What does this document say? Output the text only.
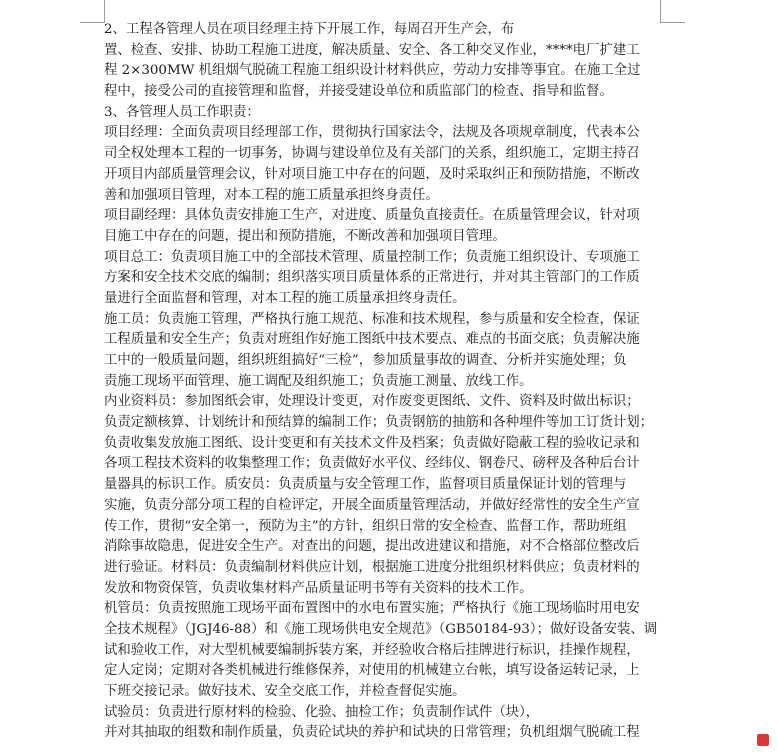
2、工程各管理人员在项目经理主持下开展工作，每周召开生产会，布
置、检查、安排、协助工程施工进度，解决质量、安全、各工种交叉作业，****电厂扩建工
程 2×300MW 机组烟气脱硫工程施工组织设计材料供应，劳动力安排等事宜。在施工全过
程中，接受公司的直接管理和监督，并接受建设单位和质监部门的检查、指导和监督。
3、各管理人员工作职责：
项目经理：全面负责项目经理部工作，贯彻执行国家法令，法规及各项规章制度，代表本公
司全权处理本工程的一切事务，协调与建设单位及有关部门的关系，组织施工，定期主持召
开项目内部质量管理会议，针对项目施工中存在的问题，及时采取纠正和预防措施，不断改
善和加强项目管理，对本工程的施工质量承担终身责任。
项目副经理：具体负责安排施工生产，对进度、质量负直接责任。在质量管理会议，针对项
目施工中存在的问题，提出和预防措施，不断改善和加强项目管理。
项目总工：负责项目施工中的全部技术管理、质量控制工作；负责施工组织设计、专项施工
方案和安全技术交底的编制；组织落实项目质量体系的正常进行，并对其主管部门的工作质
量进行全面监督和管理，对本工程的施工质量承担终身责任。
施工员：负责施工管理，严格执行施工规范、标准和技术规程，参与质量和安全检查，保证
工程质量和安全生产；负责对班组作好施工图纸中技术要点、难点的书面交底；负责解决施
工中的一般质量问题，组织班组搞好“三检”，参加质量事故的调查、分析并实施处理；负
责施工现场平面管理、施工调配及组织施工；负责施工测量、放线工作。
内业资料员：参加图纸会审，处理设计变更，对作废变更图纸、文件、资料及时做出标识；
负责定额核算、计划统计和预结算的编制工作；负责钢筋的抽筋和各种埋件等加工订货计划；
负责收集发放施工图纸、设计变更和有关技术文件及档案；负责做好隐蔽工程的验收记录和
各项工程技术资料的收集整理工作；负责做好水平仪、经纬仪、钢卷尺、磅秤及各种后台计
量器具的标识工作。质安员：负责质量与安全管理工作，监督项目质量保证计划的管理与
实施，负责分部分项工程的自检评定，开展全面质量管理活动，并做好经常性的安全生产宣
传工作，贯彻“安全第一，预防为主”的方针，组织日常的安全检查、监督工作，帮助班组
消除事故隐患，促进安全生产。对查出的问题，提出改进建议和措施，对不合格部位整改后
进行验证。材料员：负责编制材料供应计划，根据施工进度分批组织材料供应；负责材料的
发放和物资保管，负责收集材料产品质量证明书等有关资料的技术工作。
机管员：负责按照施工现场平面布置图中的水电布置实施；严格执行《施工现场临时用电安
全技术规程》（JGJ46-88）和《施工现场供电安全规范》（GB50184-93）；做好设备安装、调
试和验收工作，对大型机械要编制拆装方案，并经验收合格后挂牌进行标识，挂操作规程，
定人定岗；定期对各类机械进行维修保养，对使用的机械建立台帐，填写设备运转记录，上
下班交接记录。做好技术、安全交底工作，并检查督促实施。
试验员：负责进行原材料的检验、化验、抽检工作；负责制作试件（块），
并对其抽取的组数和制作质量，负责砼试块的养护和试块的日常管理；负机组烟气脱硫工程
